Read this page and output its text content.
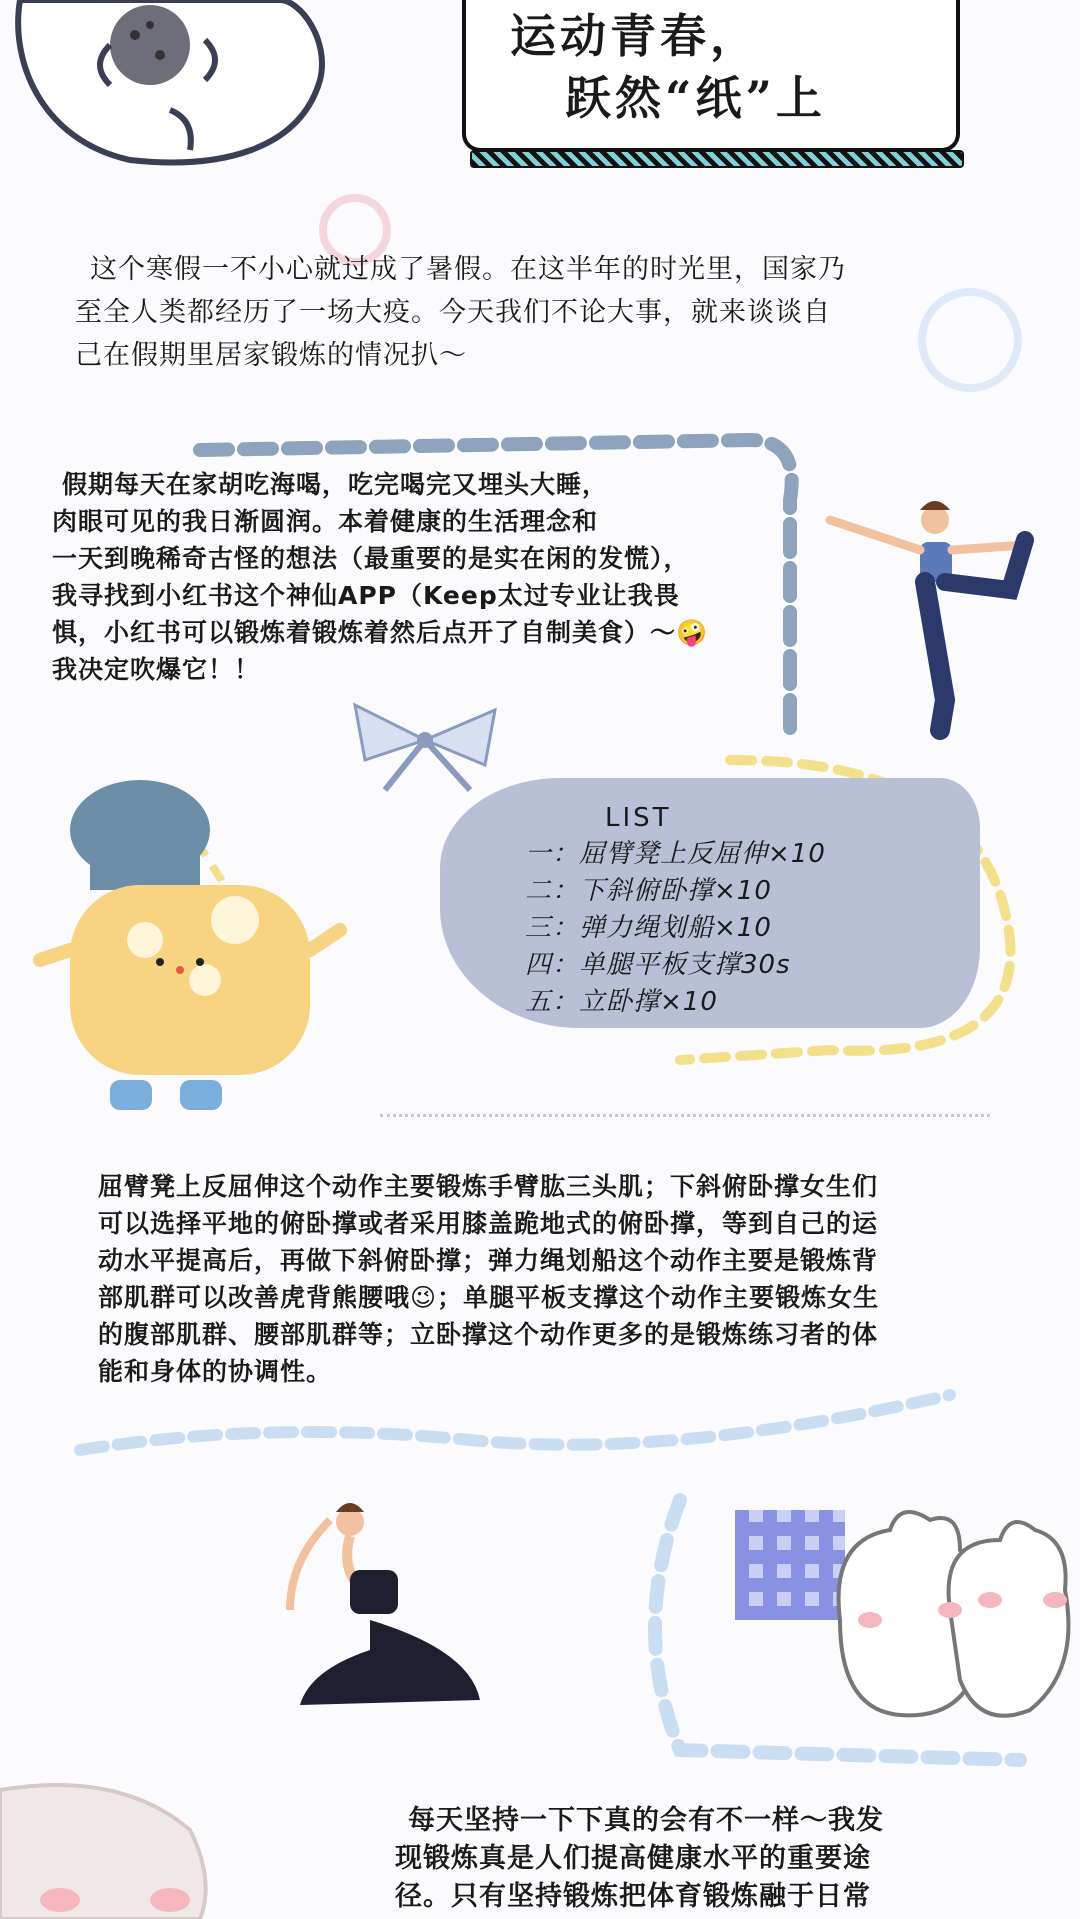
运动青春，
跃然“纸”上
这个寒假一不小心就过成了暑假。在这半年的时光里，国家乃
至全人类都经历了一场大疫。今天我们不论大事，就来谈谈自
己在假期里居家锻炼的情况扒～
假期每天在家胡吃海喝，吃完喝完又埋头大睡，
肉眼可见的我日渐圆润。本着健康的生活理念和
一天到晚稀奇古怪的想法（最重要的是实在闲的发慌），
我寻找到小红书这个神仙APP（Keep太过专业让我畏
惧，小红书可以锻炼着锻炼着然后点开了自制美食）～🤪
我决定吹爆它！！
LIST
一：屈臂凳上反屈伸×10
二：下斜俯卧撑×10
三：弹力绳划船×10
四：单腿平板支撑30s
五：立卧撑×10
屈臂凳上反屈伸这个动作主要锻炼手臂肱三头肌；下斜俯卧撑女生们
可以选择平地的俯卧撑或者采用膝盖跪地式的俯卧撑，等到自己的运
动水平提高后，再做下斜俯卧撑；弹力绳划船这个动作主要是锻炼背
部肌群可以改善虎背熊腰哦😉；单腿平板支撑这个动作主要锻炼女生
的腹部肌群、腰部肌群等；立卧撑这个动作更多的是锻炼练习者的体
能和身体的协调性。
每天坚持一下下真的会有不一样～我发
现锻炼真是人们提高健康水平的重要途
径。只有坚持锻炼把体育锻炼融于日常
